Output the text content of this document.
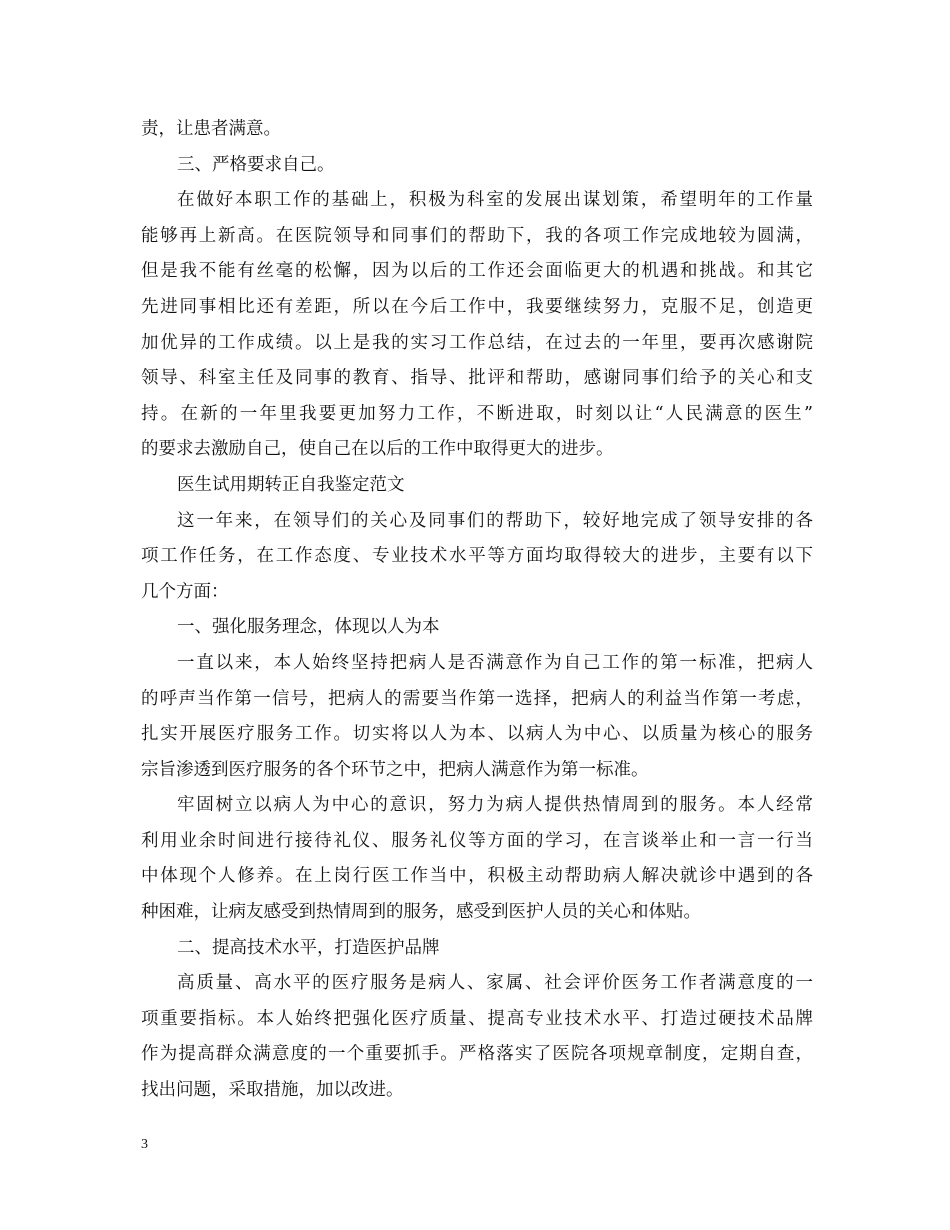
责，让患者满意。
三、严格要求自己。
在做好本职工作的基础上，积极为科室的发展出谋划策，希望明年的工作量
能够再上新高。在医院领导和同事们的帮助下，我的各项工作完成地较为圆满，
但是我不能有丝毫的松懈，因为以后的工作还会面临更大的机遇和挑战。和其它
先进同事相比还有差距，所以在今后工作中，我要继续努力，克服不足，创造更
加优异的工作成绩。以上是我的实习工作总结，在过去的一年里，要再次感谢院
领导、科室主任及同事的教育、指导、批评和帮助，感谢同事们给予的关心和支
持。在新的一年里我要更加努力工作，不断进取，时刻以让“人民满意的医生”
的要求去激励自己，使自己在以后的工作中取得更大的进步。
医生试用期转正自我鉴定范文
这一年来，在领导们的关心及同事们的帮助下，较好地完成了领导安排的各
项工作任务，在工作态度、专业技术水平等方面均取得较大的进步，主要有以下
几个方面：
一、强化服务理念，体现以人为本
一直以来，本人始终坚持把病人是否满意作为自己工作的第一标准，把病人
的呼声当作第一信号，把病人的需要当作第一选择，把病人的利益当作第一考虑，
扎实开展医疗服务工作。切实将以人为本、以病人为中心、以质量为核心的服务
宗旨渗透到医疗服务的各个环节之中，把病人满意作为第一标准。
牢固树立以病人为中心的意识，努力为病人提供热情周到的服务。本人经常
利用业余时间进行接待礼仪、服务礼仪等方面的学习，在言谈举止和一言一行当
中体现个人修养。在上岗行医工作当中，积极主动帮助病人解决就诊中遇到的各
种困难，让病友感受到热情周到的服务，感受到医护人员的关心和体贴。
二、提高技术水平，打造医护品牌
高质量、高水平的医疗服务是病人、家属、社会评价医务工作者满意度的一
项重要指标。本人始终把强化医疗质量、提高专业技术水平、打造过硬技术品牌
作为提高群众满意度的一个重要抓手。严格落实了医院各项规章制度，定期自查，
找出问题，采取措施，加以改进。
3
